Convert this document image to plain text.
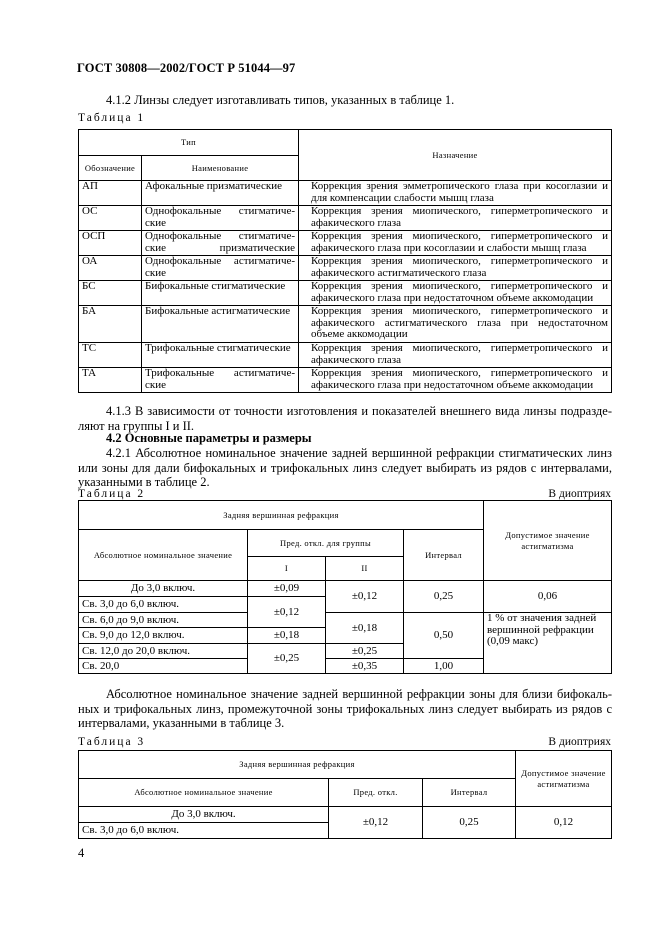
ГОСТ 30808—2002/ГОСТ Р 51044—97
4.1.2 Линзы следует изготавливать типов, указанных в таблице 1.
Таблица 1
Тип		Назначение
Обозначение	Наименование	
АП	Афокальные призматические	Коррекция зрения эмметропического глаза при косоглазии и для компенсации слабости мышц глаза
ОС	Однофокальные стигматиче-ские	Коррекция зрения миопического, гиперметропического и афакического глаза
ОСП	Однофокальные стигматиче-ские призматические	Коррекция зрения миопического, гиперметропического и афакического глаза при косоглазии и слабости мышц глаза
ОА	Однофокальные астигматиче-ские	Коррекция зрения миопического, гиперметропического и афакического астигматического глаза
БС	Бифокальные стигматические	Коррекция зрения миопического, гиперметропического и афакического глаза при недостаточном объеме аккомодации
БА	Бифокальные астигматические	Коррекция зрения миопического, гиперметропического и афакического астигматического глаза при недостаточном объеме аккомодации
ТС	Трифокальные стигматические	Коррекция зрения миопического, гиперметропического и афакического глаза
ТА	Трифокальные астигматиче-ские	Коррекция зрения миопического, гиперметропического и афакического глаза при недостаточном объеме аккомодации
4.1.3 В зависимости от точности изготовления и показателей внешнего вида линзы подразде-ляют на группы I и II.
4.2 Основные параметры и размеры
4.2.1 Абсолютное номинальное значение задней вершинной рефракции стигматических линз или зоны для дали бифокальных и трифокальных линз следует выбирать из рядов с интервалами, указанными в таблице 2.
Таблица 2	В диоптриях
Задняя вершинная рефракция				Допустимое значение астигматизма
Абсолютное номинальное значение	Пред. откл. для группы		Интервал	
	I	II		
До 3,0 включ.	±0,09	±0,12	0,25	0,06
Св. 3,0 до 6,0 включ.	±0,12			
Св. 6,0 до 9,0 включ.		±0,18	0,50	1 % от значения задней вершинной рефракции (0,09 макс)
Св. 9,0 до 12,0 включ.	±0,18			
Св. 12,0 до 20,0 включ.	±0,25	±0,25		
Св. 20,0		±0,35	1,00	
Абсолютное номинальное значение задней вершинной рефракции зоны для близи бифокаль-ных и трифокальных линз, промежуточной зоны трифокальных линз следует выбирать из рядов с интервалами, указанными в таблице 3.
Таблица 3	В диоптриях
Задняя вершинная рефракция			Допустимое значение астигматизма
Абсолютное номинальное значение	Пред. откл.	Интервал	
До 3,0 включ.	±0,12	0,25	0,12
Св. 3,0 до 6,0 включ.			
4
